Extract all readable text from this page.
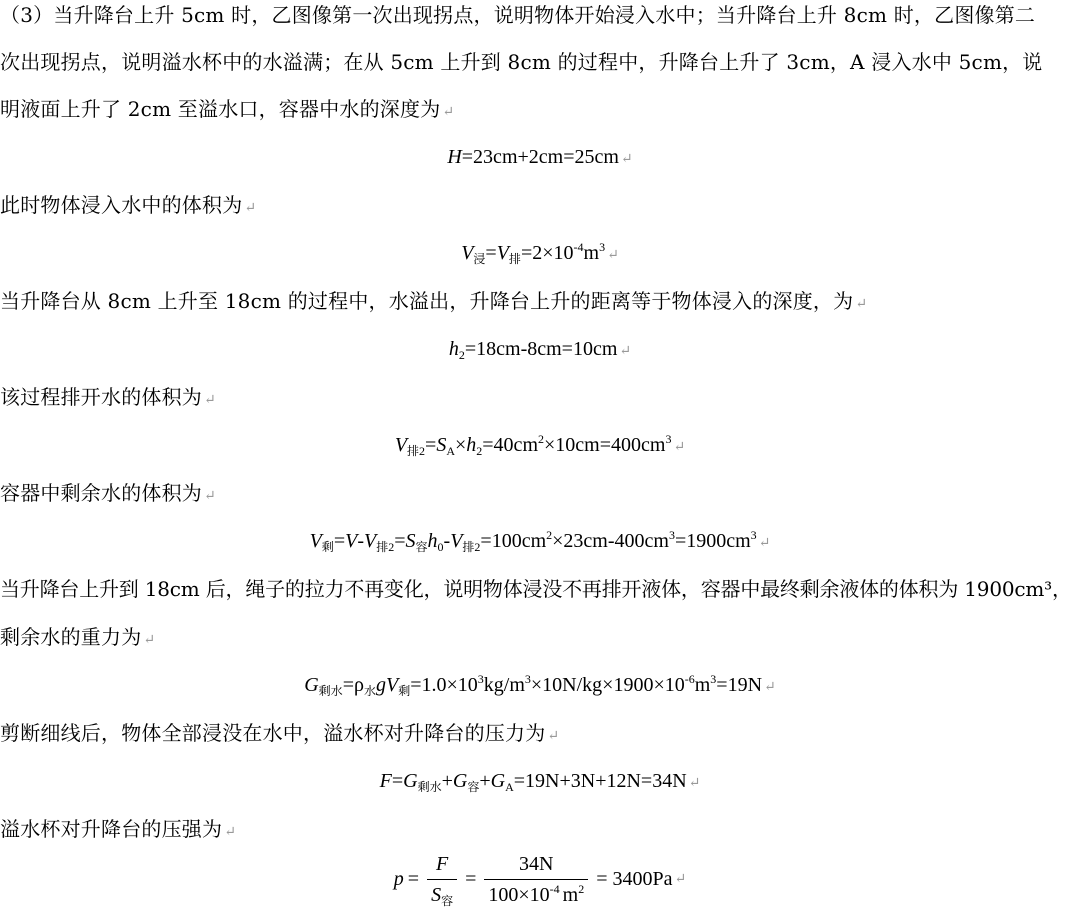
（3）当升降台上升 5cm 时，乙图像第一次出现拐点，说明物体开始浸入水中；当升降台上升 8cm 时，乙图像第二
次出现拐点，说明溢水杯中的水溢满；在从 5cm 上升到 8cm 的过程中，升降台上升了 3cm，A 浸入水中 5cm，说
明液面上升了 2cm 至溢水口，容器中水的深度为 ↵
H=23cm+2cm=25cm ↵
此时物体浸入水中的体积为 ↵
$V_浸=V_排=2\times 10^{-4}m^3↵$
当升降台从 8cm 上升至 18cm 的过程中，水溢出，升降台上升的距离等于物体浸入的深度，为 ↵
$h_2=18cm-8cm=10cm$ ↵
该过程排开水的体积为 ↵
$V_{排2}=S_A\times h_2=40cm^2\times 10cm=400cm^3↵$
容器中剩余水的体积为 ↵
$V_剩=V-V_{排2}=S_容h_0-V_{排2}=100cm^2\times 23cm-400cm^3=1900cm^3↵$
当升降台上升到 18cm 后，绳子的拉力不再变化，说明物体浸没不再排开液体，容器中最终剩余液体的体积为 1900cm³，
剩余水的重力为 ↵
$G_{剩水}=\rho_水gV_剩=1.0\times 10^3kg/m^3\times 10N/kg\times 1900\times 10^{-6}m^3=19N$ ↵
剪断细线后，物体全部浸没在水中，溢水杯对升降台的压力为 ↵
$F=G_{剩水}+G_容+G_A=19N+3N+12N=34N$ ↵
溢水杯对升降台的压强为 ↵
$p = \frac{F}{S_容} = \frac{34N}{100\times 10^{-4} m^2} = 3400Pa$ ↵
